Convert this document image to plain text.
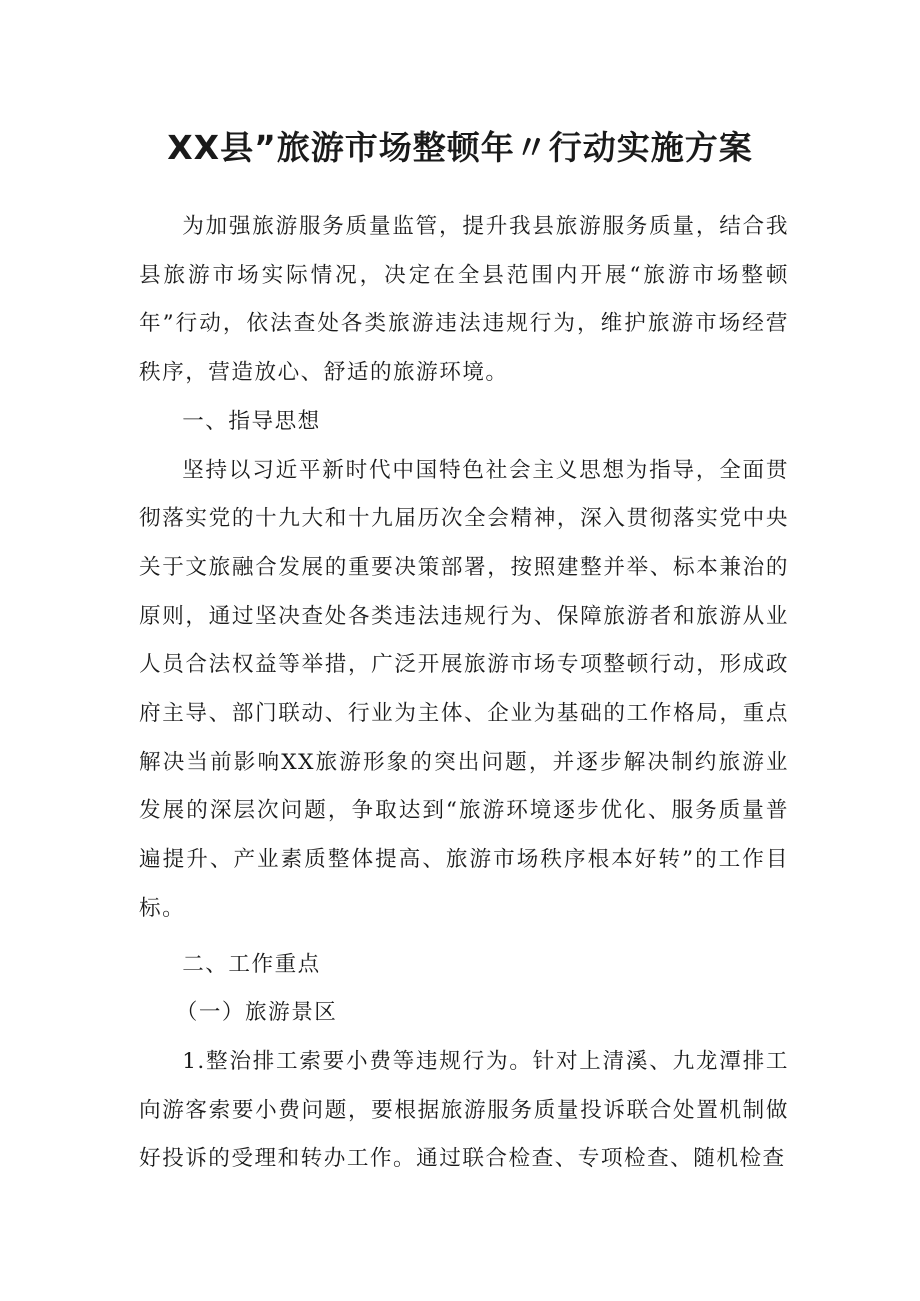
XX县”旅游市场整顿年〃行动实施方案

为加强旅游服务质量监管，提升我县旅游服务质量，结合我县旅游市场实际情况，决定在全县范围内开展“旅游市场整顿年”行动，依法查处各类旅游违法违规行为，维护旅游市场经营秩序，营造放心、舒适的旅游环境。

一、指导思想

坚持以习近平新时代中国特色社会主义思想为指导，全面贯彻落实党的十九大和十九届历次全会精神，深入贯彻落实党中央关于文旅融合发展的重要决策部署，按照建整并举、标本兼治的原则，通过坚决查处各类违法违规行为、保障旅游者和旅游从业人员合法权益等举措，广泛开展旅游市场专项整顿行动，形成政府主导、部门联动、行业为主体、企业为基础的工作格局，重点解决当前影响XX旅游形象的突出问题，并逐步解决制约旅游业发展的深层次问题，争取达到“旅游环境逐步优化、服务质量普遍提升、产业素质整体提高、旅游市场秩序根本好转”的工作目标。

二、工作重点

（一）旅游景区

1.整治排工索要小费等违规行为。针对上清溪、九龙潭排工向游客索要小费问题，要根据旅游服务质量投诉联合处置机制做好投诉的受理和转办工作。通过联合检查、专项检查、随机检查
